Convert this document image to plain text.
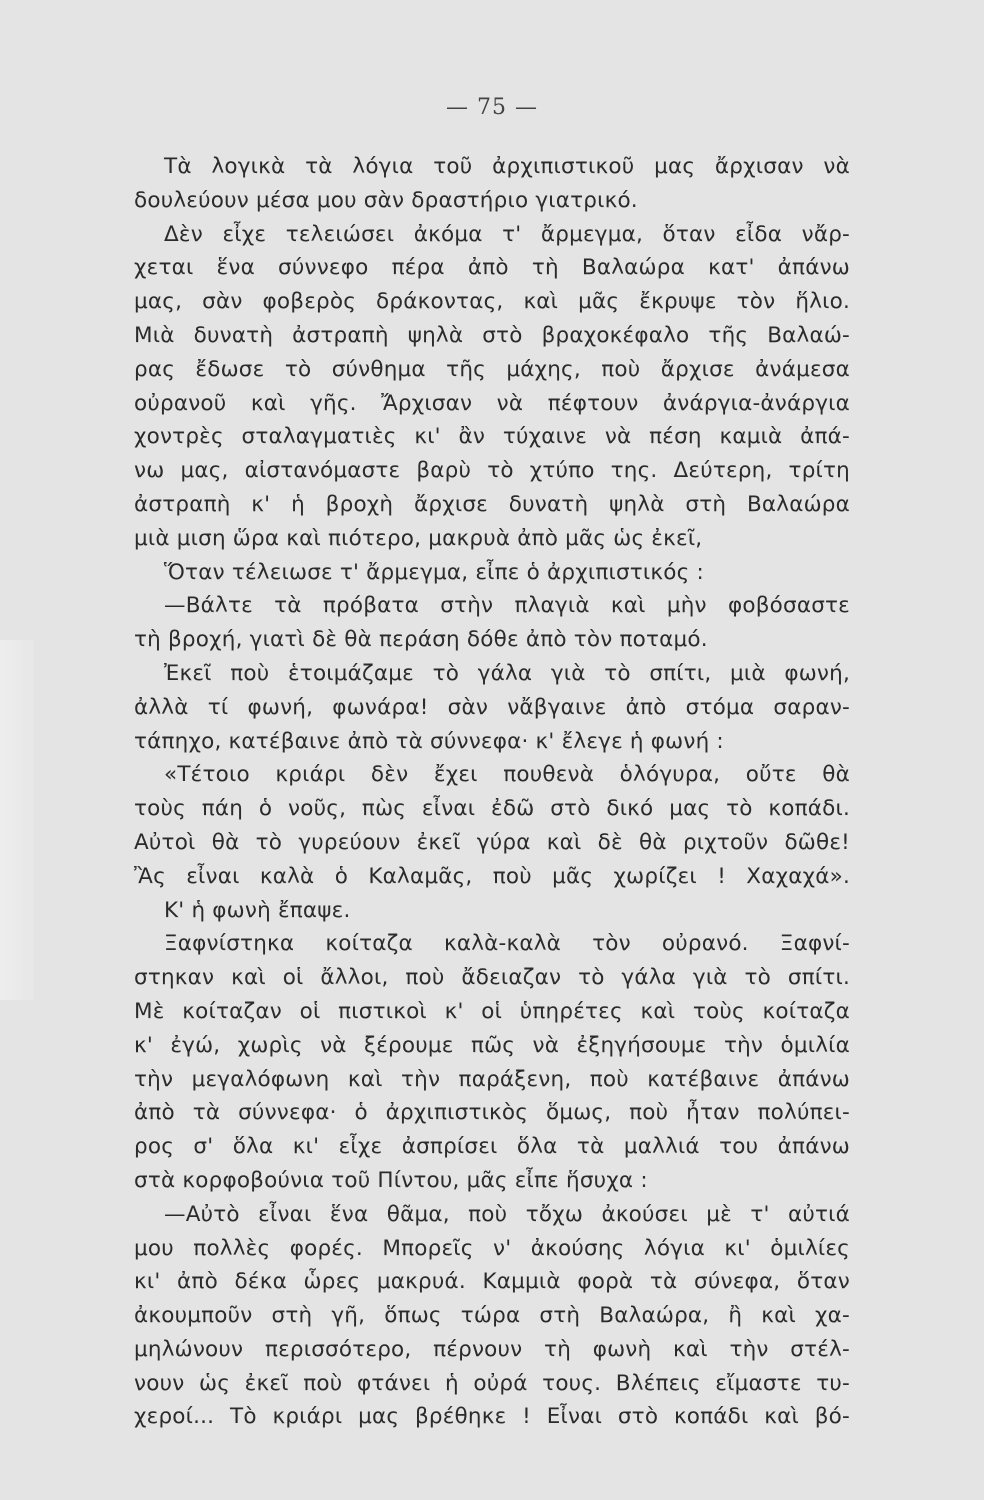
— 75 —
Τὰ λογικὰ τὰ λόγια τοῦ ἀρχιπιστικοῦ μας ἄρχισαν νὰ
δουλεύουν μέσα μου σὰν δραστήριο γιατρικό.
Δὲν εἶχε τελειώσει ἀκόμα τ' ἄρμεγμα, ὅταν εἶδα νἄρ-
χεται ἕνα σύννεφο πέρα ἀπὸ τὴ Βαλαώρα κατ' ἀπάνω
μας, σὰν φοβερὸς δράκοντας, καὶ μᾶς ἔκρυψε τὸν ἥλιο.
Μιὰ δυνατὴ ἀστραπὴ ψηλὰ στὸ βραχοκέφαλο τῆς Βαλαώ-
ρας ἔδωσε τὸ σύνθημα τῆς μάχης, ποὺ ἄρχισε ἀνάμεσα
οὐρανοῦ καὶ γῆς. Ἄρχισαν νὰ πέφτουν ἀνάργια-ἀνάργια
χοντρὲς σταλαγματιὲς κι' ἂν τύχαινε νὰ πέση καμιὰ ἀπά-
νω μας, αἰστανόμαστε βαρὺ τὸ χτύπο της. Δεύτερη, τρίτη
ἀστραπὴ κ' ἡ βροχὴ ἄρχισε δυνατὴ ψηλὰ στὴ Βαλαώρα
μιὰ μιση ὥρα καὶ πιότερο, μακρυὰ ἀπὸ μᾶς ὡς ἐκεῖ,
Ὅταν τέλειωσε τ' ἄρμεγμα, εἶπε ὁ ἀρχιπιστικός :
—Βάλτε τὰ πρόβατα στὴν πλαγιὰ καὶ μὴν φοβόσαστε
τὴ βροχή, γιατὶ δὲ θὰ περάση δόθε ἀπὸ τὸν ποταμό.
Ἐκεῖ ποὺ ἑτοιμάζαμε τὸ γάλα γιὰ τὸ σπίτι, μιὰ φωνή,
ἀλλὰ τί φωνή, φωνάρα! σὰν νἄβγαινε ἀπὸ στόμα σαραν-
τάπηχο, κατέβαινε ἀπὸ τὰ σύννεφα· κ' ἔλεγε ἡ φωνή :
«Τέτοιο κριάρι δὲν ἔχει πουθενὰ ὁλόγυρα, οὔτε θὰ
τοὺς πάη ὁ νοῦς, πὼς εἶναι ἐδῶ στὸ δικό μας τὸ κοπάδι.
Αὐτοὶ θὰ τὸ γυρεύουν ἐκεῖ γύρα καὶ δὲ θὰ ριχτοῦν δῶθε!
Ἂς εἶναι καλὰ ὁ Καλαμᾶς, ποὺ μᾶς χωρίζει ! Χαχαχά».
Κ' ἡ φωνὴ ἔπαψε.
Ξαφνίστηκα κοίταζα καλὰ-καλὰ τὸν οὐρανό. Ξαφνί-
στηκαν καὶ οἱ ἄλλοι, ποὺ ἄδειαζαν τὸ γάλα γιὰ τὸ σπίτι.
Μὲ κοίταζαν οἱ πιστικοὶ κ' οἱ ὑπηρέτες καὶ τοὺς κοίταζα
κ' ἐγώ, χωρὶς νὰ ξέρουμε πῶς νὰ ἐξηγήσουμε τὴν ὁμιλία
τὴν μεγαλόφωνη καὶ τὴν παράξενη, ποὺ κατέβαινε ἀπάνω
ἀπὸ τὰ σύννεφα· ὁ ἀρχιπιστικὸς ὅμως, ποὺ ἦταν πολύπει-
ρος σ' ὅλα κι' εἶχε ἀσπρίσει ὅλα τὰ μαλλιά του ἀπάνω
στὰ κορφοβούνια τοῦ Πίντου, μᾶς εἶπε ἥσυχα :
—Αὐτὸ εἶναι ἕνα θᾶμα, ποὺ τὄχω ἀκούσει μὲ τ' αὐτιά
μου πολλὲς φορές. Μπορεῖς ν' ἀκούσης λόγια κι' ὁμιλίες
κι' ἀπὸ δέκα ὧρες μακρυά. Καμμιὰ φορὰ τὰ σύνεφα, ὅταν
ἀκουμποῦν στὴ γῆ, ὅπως τώρα στὴ Βαλαώρα, ἢ καὶ χα-
μηλώνουν περισσότερο, πέρνουν τὴ φωνὴ καὶ τὴν στέλ-
νουν ὡς ἐκεῖ ποὺ φτάνει ἡ οὐρά τους. Βλέπεις εἴμαστε τυ-
χεροί... Τὸ κριάρι μας βρέθηκε ! Εἶναι στὸ κοπάδι καὶ βό-
